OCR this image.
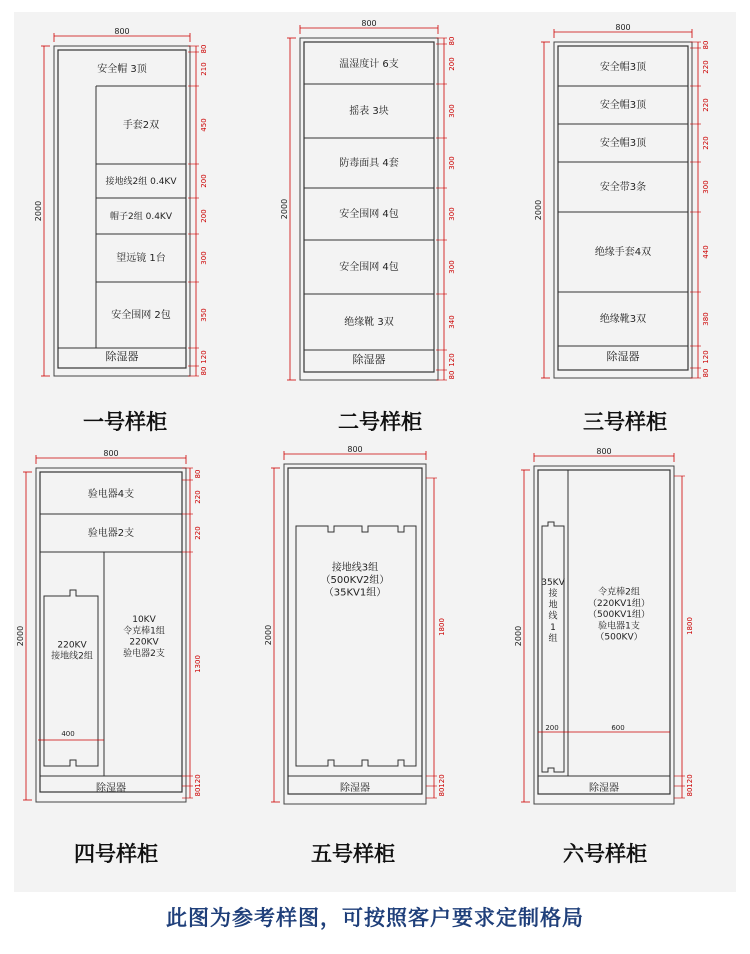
800
2000
安全帽 3顶
手套2双
接地线2组 0.4KV
帽子2组 0.4KV
望远镜 1台
安全围网 2包
除湿器
80
210
450
200
200
300
350
120
80
800
2000
温湿度计 6支
摇表 3块
防毒面具 4套
安全围网 4包
安全围网 4包
绝缘靴 3双
除湿器
80
200
300
300
300
300
340
120
80
800
2000
安全帽3顶
安全帽3顶
安全帽3顶
安全带3条
绝缘手套4双
绝缘靴3双
除湿器
80
220
220
220
300
440
380
120
80
800
2000
验电器4支
验电器2支
220KV 接地线2组
10KV 令克棒1组 220KV 验电器2支
除湿器
400
80
220
220
1300
120
80
800
2000
接地线3组（500KV2组）（35KV1组）
除湿器
1800
120
80
800
2000
35KV 接地线 1 组
令克棒2组（220KV1组）（500KV1组）验电器1支（500KV）
除湿器
200	600
1800
120
80
一号样柜	二号样柜	三号样柜
四号样柜	五号样柜	六号样柜
此图为参考样图，可按照客户要求定制格局
